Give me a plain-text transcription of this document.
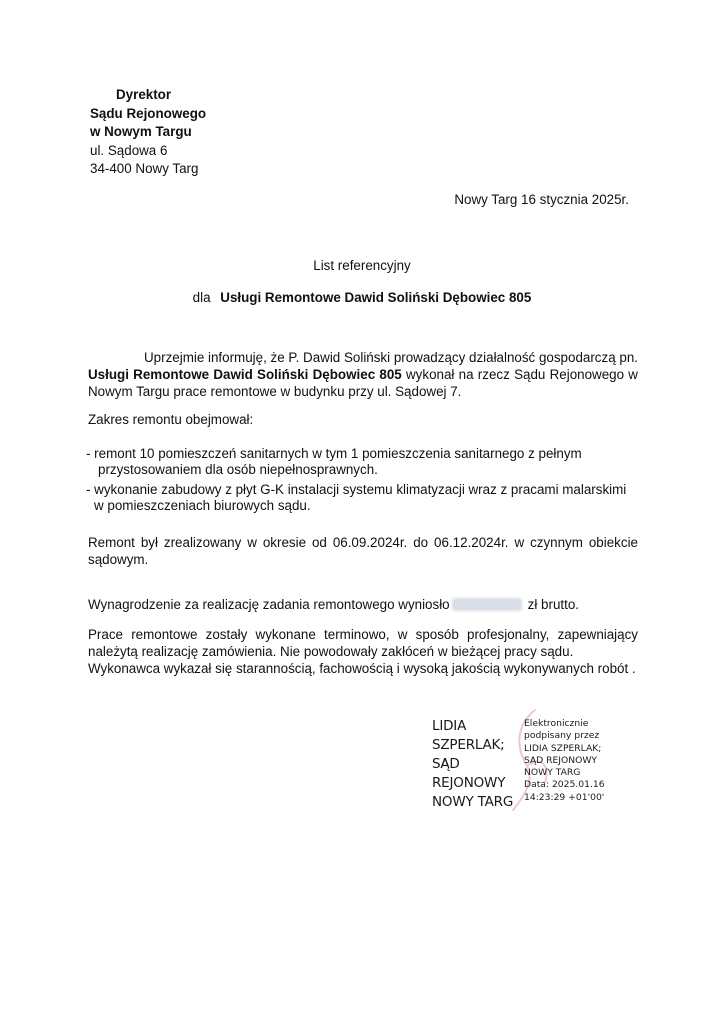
Dyrektor
Sądu Rejonowego
w Nowym Targu
ul. Sądowa 6
34-400 Nowy Targ
Nowy Targ 16 stycznia 2025r.
List referencyjny
dla Usługi Remontowe Dawid Soliński Dębowiec 805
Uprzejmie informuję, że P. Dawid Soliński prowadzący działalność gospodarczą pn. Usługi Remontowe Dawid Soliński Dębowiec 805 wykonał na rzecz Sądu Rejonowego w Nowym Targu prace remontowe w budynku przy ul. Sądowej 7.
Zakres remontu obejmował:
- remont 10 pomieszczeń sanitarnych w tym 1 pomieszczenia sanitarnego z pełnym
przystosowaniem dla osób niepełnosprawnych.
- wykonanie zabudowy z płyt G-K instalacji systemu klimatyzacji wraz z pracami malarskimi
w pomieszczeniach biurowych sądu.
Remont był zrealizowany w okresie od 06.09.2024r. do 06.12.2024r. w czynnym obiekcie sądowym.
Wynagrodzenie za realizację zadania remontowego wyniosło	zł brutto.
Prace remontowe zostały wykonane terminowo, w sposób profesjonalny, zapewniający należytą realizację zamówienia. Nie powodowały zakłóceń w bieżącej pracy sądu.
Wykonawca wykazał się starannością, fachowością i wysoką jakością wykonywanych robót .
LIDIA
SZPERLAK;
SĄD
REJONOWY
NOWY TARG
Elektronicznie
podpisany przez
LIDIA SZPERLAK;
SĄD REJONOWY
NOWY TARG
Data: 2025.01.16
14:23:29 +01'00'
